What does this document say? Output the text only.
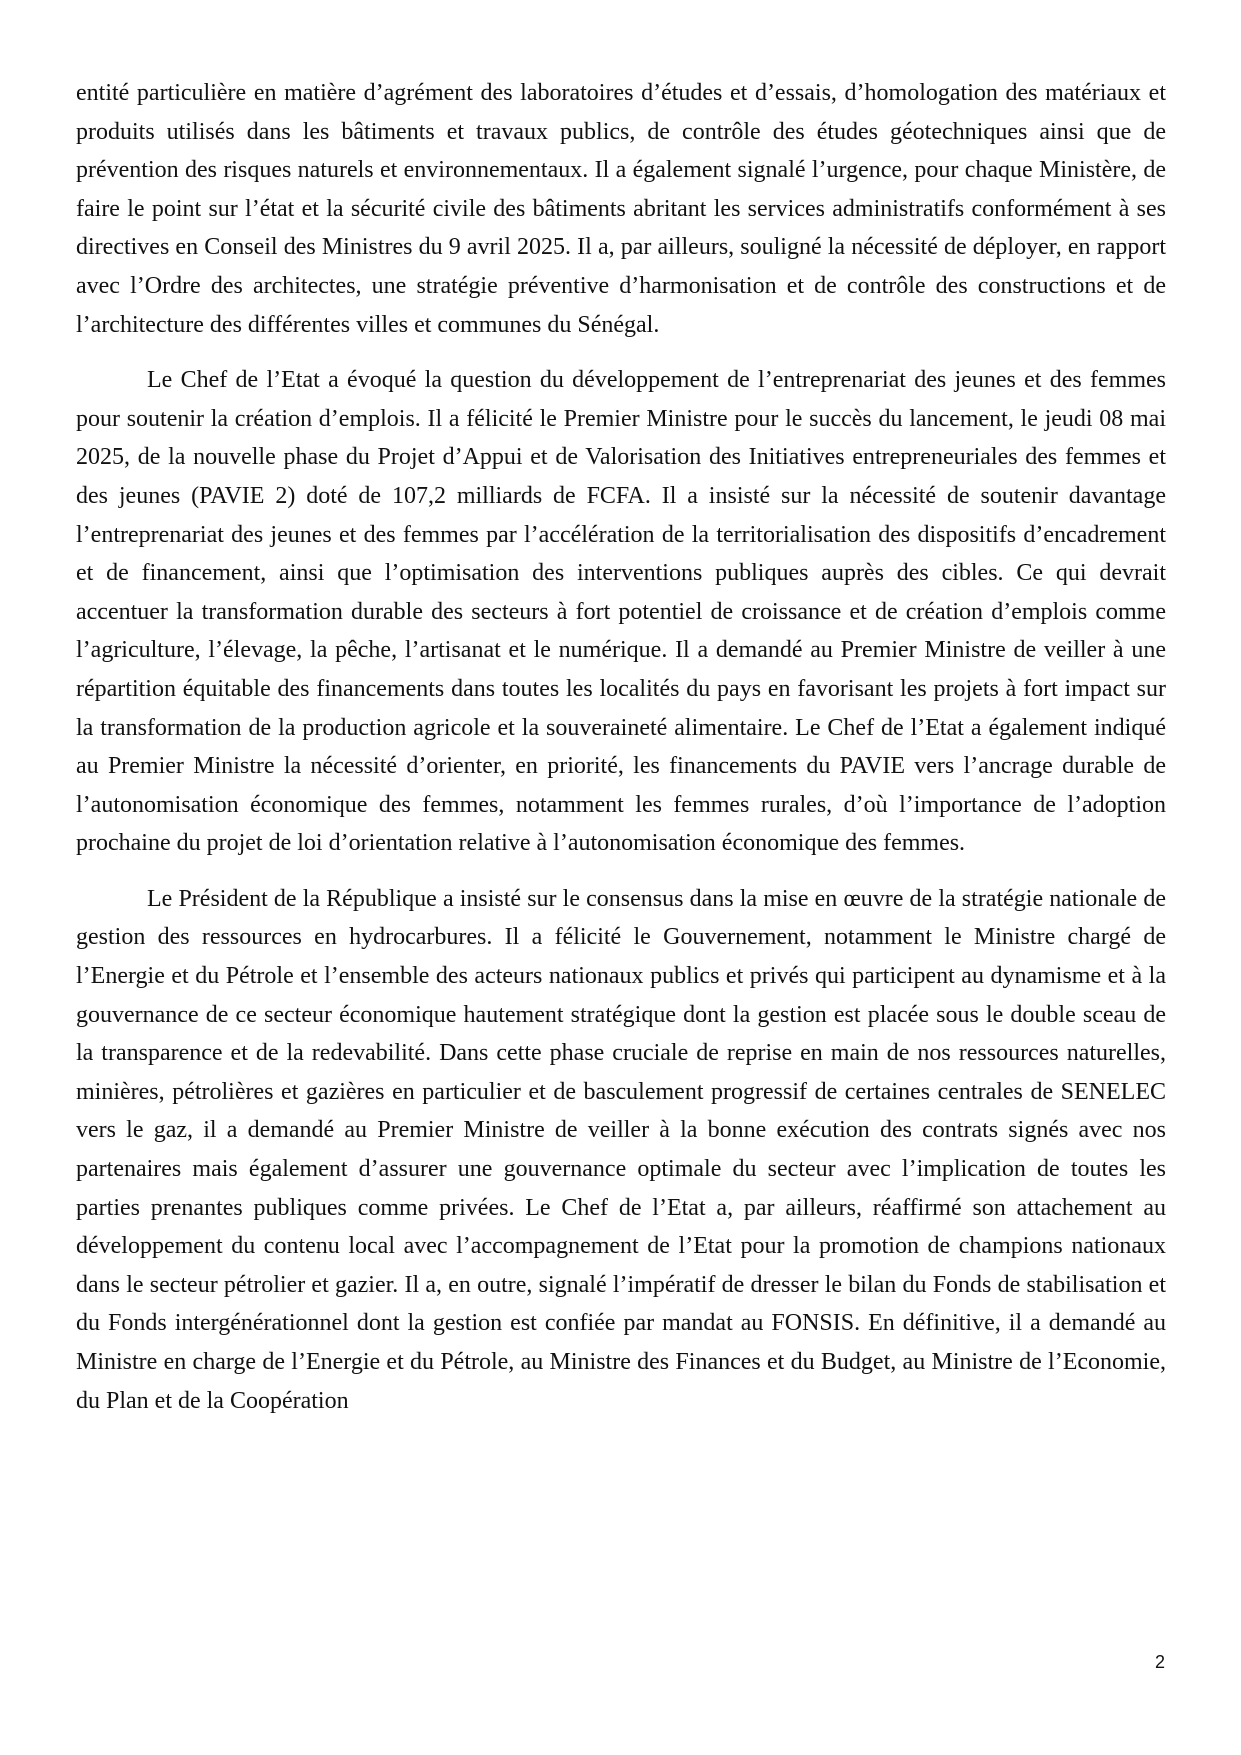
entité particulière en matière d’agrément des laboratoires d’études et d’essais, d’homologation des matériaux et produits utilisés dans les bâtiments et travaux publics, de contrôle des études géotechniques ainsi que de prévention des risques naturels et environnementaux. Il a également signalé l’urgence, pour chaque Ministère, de faire le point sur l’état et la sécurité civile des bâtiments abritant les services administratifs conformément à ses directives en Conseil des Ministres du 9 avril 2025. Il a, par ailleurs, souligné la nécessité de déployer, en rapport avec l’Ordre des architectes, une stratégie préventive d’harmonisation et de contrôle des constructions et de l’architecture des différentes villes et communes du Sénégal.

Le Chef de l’Etat a évoqué la question du développement de l’entreprenariat des jeunes et des femmes pour soutenir la création d’emplois. Il a félicité le Premier Ministre pour le succès du lancement, le jeudi 08 mai 2025, de la nouvelle phase du Projet d’Appui et de Valorisation des Initiatives entrepreneuriales des femmes et des jeunes (PAVIE 2) doté de 107,2 milliards de FCFA. Il a insisté sur la nécessité de soutenir davantage l’entreprenariat des jeunes et des femmes par l’accélération de la territorialisation des dispositifs d’encadrement et de financement, ainsi que l’optimisation des interventions publiques auprès des cibles. Ce qui devrait accentuer la transformation durable des secteurs à fort potentiel de croissance et de création d’emplois comme l’agriculture, l’élevage, la pêche, l’artisanat et le numérique. Il a demandé au Premier Ministre de veiller à une répartition équitable des financements dans toutes les localités du pays en favorisant les projets à fort impact sur la transformation de la production agricole et la souveraineté alimentaire. Le Chef de l’Etat a également indiqué au Premier Ministre la nécessité d’orienter, en priorité, les financements du PAVIE vers l’ancrage durable de l’autonomisation économique des femmes, notamment les femmes rurales, d’où l’importance de l’adoption prochaine du projet de loi d’orientation relative à l’autonomisation économique des femmes.

Le Président de la République a insisté sur le consensus dans la mise en œuvre de la stratégie nationale de gestion des ressources en hydrocarbures. Il a félicité le Gouvernement, notamment le Ministre chargé de l’Energie et du Pétrole et l’ensemble des acteurs nationaux publics et privés qui participent au dynamisme et à la gouvernance de ce secteur économique hautement stratégique dont la gestion est placée sous le double sceau de la transparence et de la redevabilité. Dans cette phase cruciale de reprise en main de nos ressources naturelles, minières, pétrolières et gazières en particulier et de basculement progressif de certaines centrales de SENELEC vers le gaz, il a demandé au Premier Ministre de veiller à la bonne exécution des contrats signés avec nos partenaires mais également d’assurer une gouvernance optimale du secteur avec l’implication de toutes les parties prenantes publiques comme privées. Le Chef de l’Etat a, par ailleurs, réaffirmé son attachement au développement du contenu local avec l’accompagnement de l’Etat pour la promotion de champions nationaux dans le secteur pétrolier et gazier. Il a, en outre, signalé l’impératif de dresser le bilan du Fonds de stabilisation et du Fonds intergénérationnel dont la gestion est confiée par mandat au FONSIS. En définitive, il a demandé au Ministre en charge de l’Energie et du Pétrole, au Ministre des Finances et du Budget, au Ministre de l’Economie, du Plan et de la Coopération

2
